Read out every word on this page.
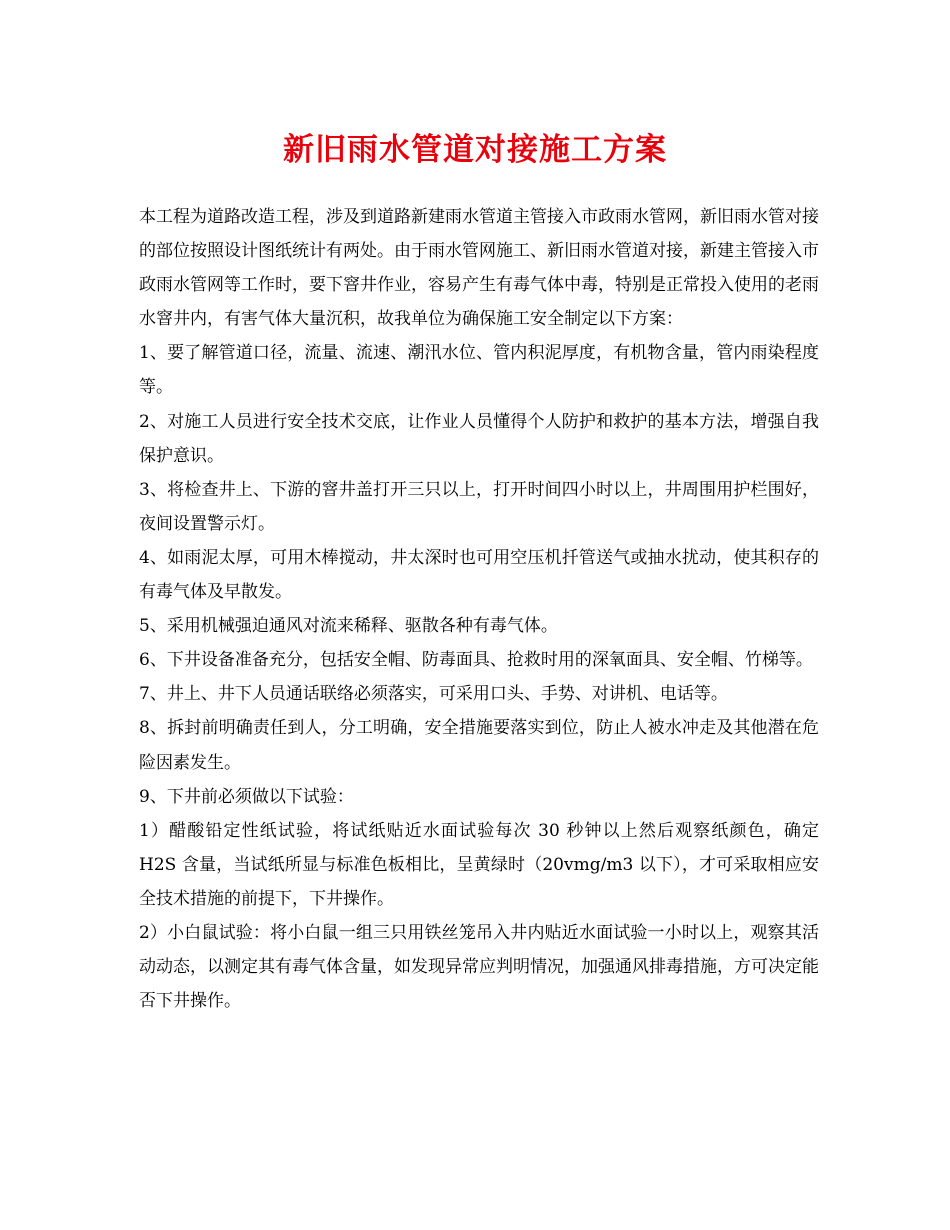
新旧雨水管道对接施工方案

本工程为道路改造工程，涉及到道路新建雨水管道主管接入市政雨水管网，新旧雨水管对接的部位按照设计图纸统计有两处。由于雨水管网施工、新旧雨水管道对接，新建主管接入市政雨水管网等工作时，要下窨井作业，容易产生有毒气体中毒，特别是正常投入使用的老雨水窨井内，有害气体大量沉积，故我单位为确保施工安全制定以下方案：

1、要了解管道口径，流量、流速、潮汛水位、管内积泥厚度，有机物含量，管内雨染程度等。

2、对施工人员进行安全技术交底，让作业人员懂得个人防护和救护的基本方法，增强自我保护意识。

3、将检查井上、下游的窨井盖打开三只以上，打开时间四小时以上，井周围用护栏围好，夜间设置警示灯。

4、如雨泥太厚，可用木棒搅动，井太深时也可用空压机扦管送气或抽水扰动，使其积存的有毒气体及早散发。

5、采用机械强迫通风对流来稀释、驱散各种有毒气体。

6、下井设备准备充分，包括安全帽、防毒面具、抢救时用的深氧面具、安全帽、竹梯等。

7、井上、井下人员通话联络必须落实，可采用口头、手势、对讲机、电话等。

8、拆封前明确责任到人，分工明确，安全措施要落实到位，防止人被水冲走及其他潜在危险因素发生。

9、下井前必须做以下试验：

1）醋酸铅定性纸试验，将试纸贴近水面试验每次 30 秒钟以上然后观察纸颜色，确定 H2S 含量，当试纸所显与标准色板相比，呈黄绿时（20vmg/m3 以下），才可采取相应安全技术措施的前提下，下井操作。

2）小白鼠试验：将小白鼠一组三只用铁丝笼吊入井内贴近水面试验一小时以上，观察其活动动态，以测定其有毒气体含量，如发现异常应判明情况，加强通风排毒措施，方可决定能否下井操作。
